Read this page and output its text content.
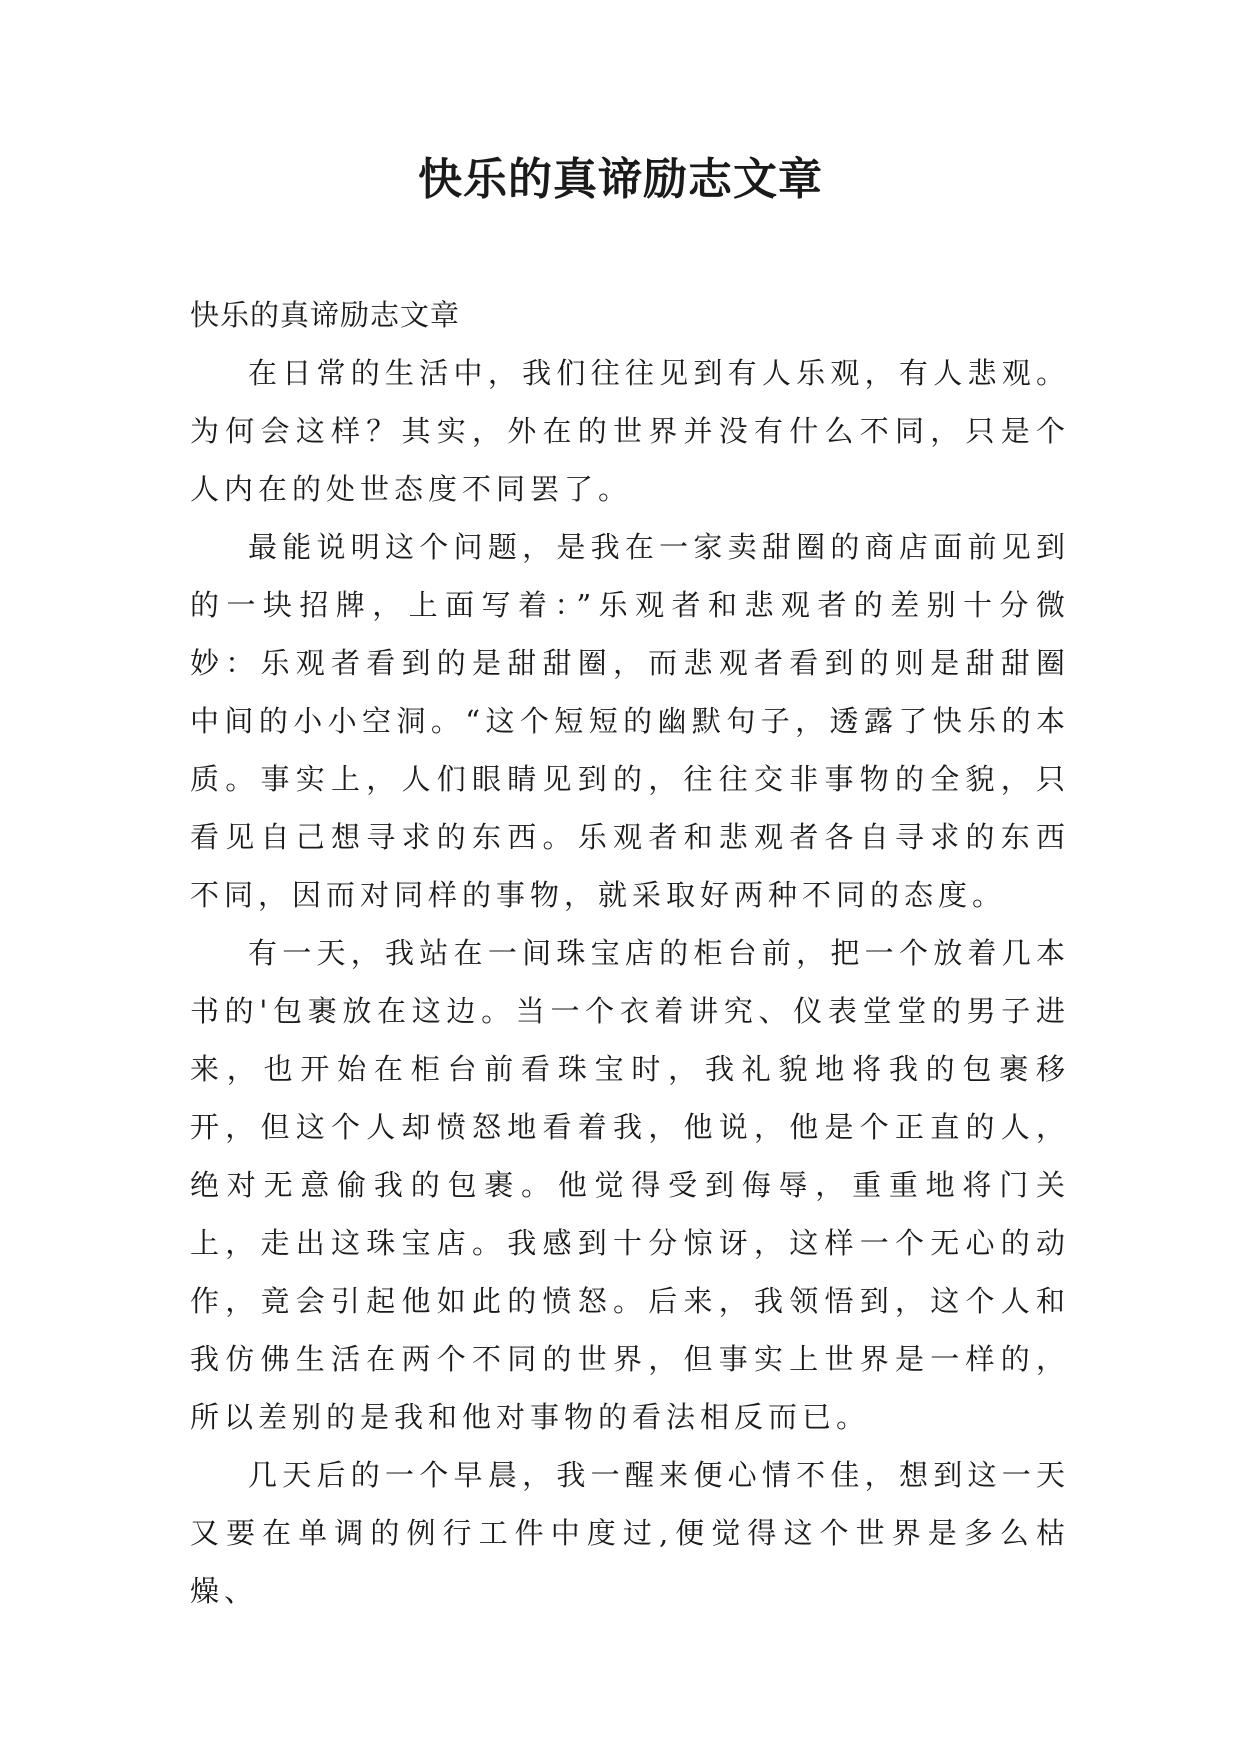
快乐的真谛励志文章

快乐的真谛励志文章

在日常的生活中，我们往往见到有人乐观，有人悲观。为何会这样？其实，外在的世界并没有什么不同，只是个人内在的处世态度不同罢了。

最能说明这个问题，是我在一家卖甜圈的商店面前见到的一块招牌，上面写着：”乐观者和悲观者的差别十分微妙：乐观者看到的是甜甜圈，而悲观者看到的则是甜甜圈中间的小小空洞。“这个短短的幽默句子，透露了快乐的本质。事实上，人们眼睛见到的，往往交非事物的全貌，只看见自己想寻求的东西。乐观者和悲观者各自寻求的东西不同，因而对同样的事物，就采取好两种不同的态度。

有一天，我站在一间珠宝店的柜台前，把一个放着几本书的'包裹放在这边。当一个衣着讲究、仪表堂堂的男子进来，也开始在柜台前看珠宝时，我礼貌地将我的包裹移开，但这个人却愤怒地看着我，他说，他是个正直的人，绝对无意偷我的包裹。他觉得受到侮辱，重重地将门关上，走出这珠宝店。我感到十分惊讶，这样一个无心的动作，竟会引起他如此的愤怒。后来，我领悟到，这个人和我仿佛生活在两个不同的世界，但事实上世界是一样的，所以差别的是我和他对事物的看法相反而已。

几天后的一个早晨，我一醒来便心情不佳，想到这一天又要在单调的例行工件中度过,便觉得这个世界是多么枯燥、
